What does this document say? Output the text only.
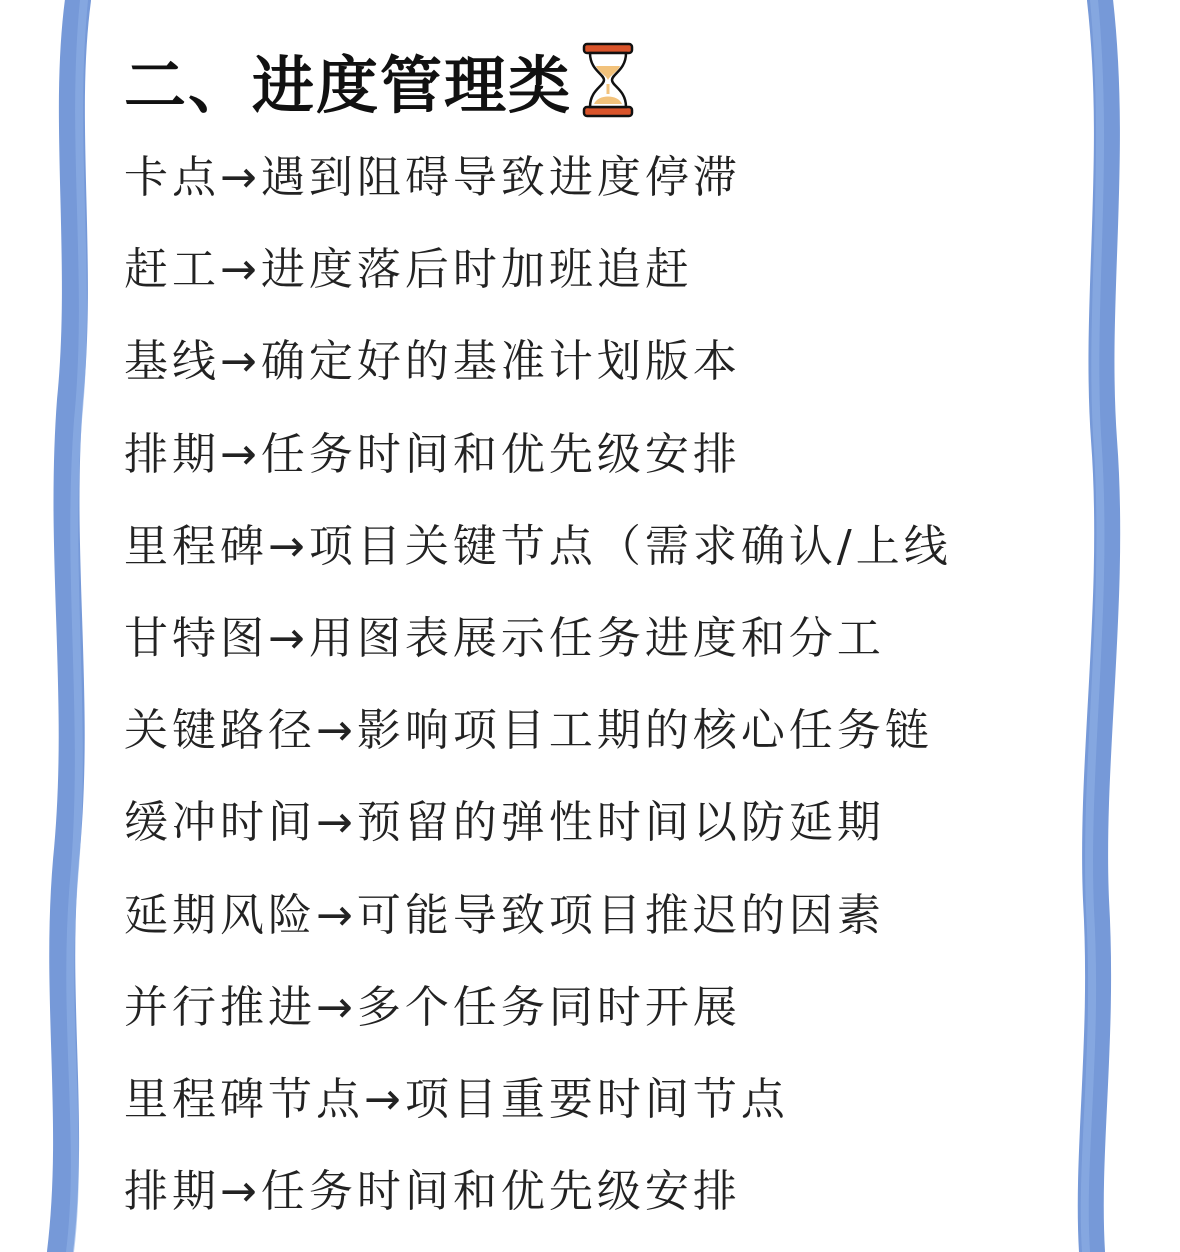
二、进度管理类
卡点→遇到阻碍导致进度停滞
赶工→进度落后时加班追赶
基线→确定好的基准计划版本
排期→任务时间和优先级安排
里程碑→项目关键节点（需求确认/上线
甘特图→用图表展示任务进度和分工
关键路径→影响项目工期的核心任务链
缓冲时间→预留的弹性时间以防延期
延期风险→可能导致项目推迟的因素
并行推进→多个任务同时开展
里程碑节点→项目重要时间节点
排期→任务时间和优先级安排
